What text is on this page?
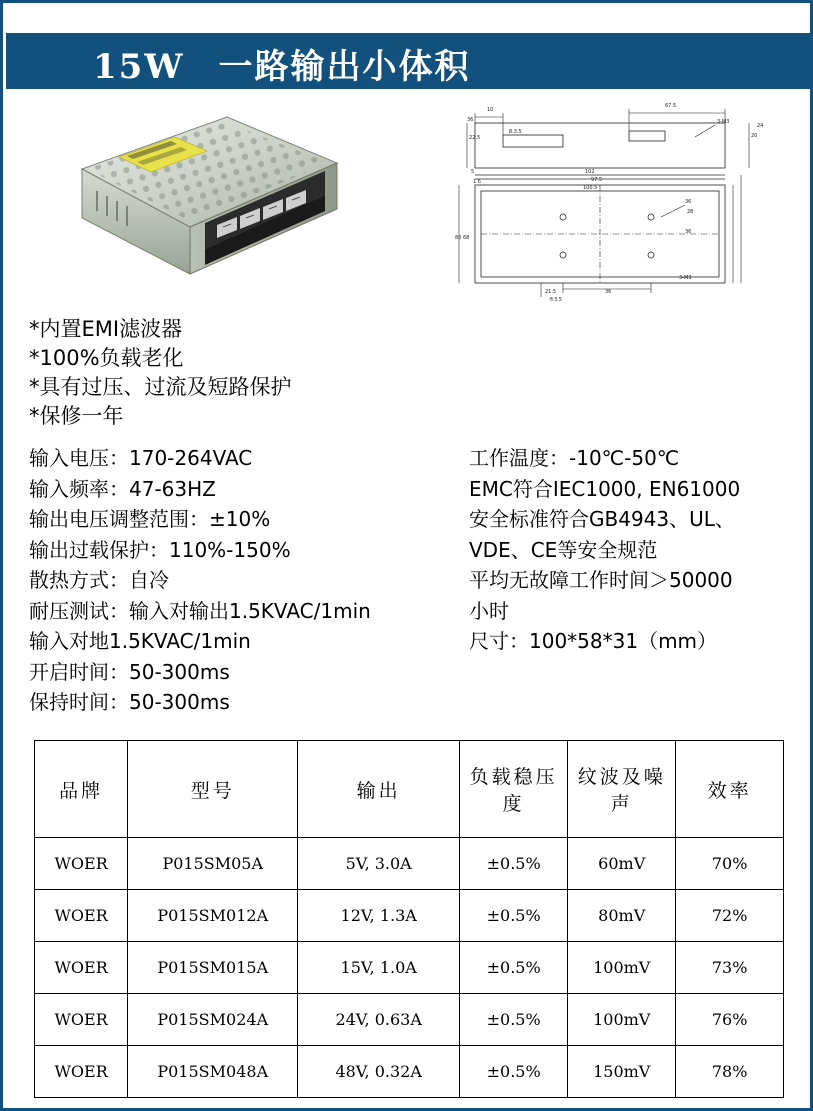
15W 一路输出小体积
10
67.5
8.3.5
3-M3
36
22.5	20
24
5
1.6
102
97.5
100.5
80 68
36
28
36
21.5
®3.5
36
3-M3
*内置EMI滤波器
*100%负载老化
*具有过压、过流及短路保护
*保修一年
输入电压：170-264VAC
输入频率：47-63HZ
输出电压调整范围：±10%
输出过载保护：110%-150%
散热方式：自冷
耐压测试：输入对输出1.5KVAC/1min
输入对地1.5KVAC/1min
开启时间：50-300ms
保持时间：50-300ms
工作温度：-10℃-50℃
EMC符合IEC1000, EN61000
安全标准符合GB4943、UL、
VDE、CE等安全规范
平均无故障工作时间＞50000
小时
尺寸：100*58*31（mm）
品牌	型号	输出	负载稳压度	纹波及噪声	效率
WOER	P015SM05A	5V, 3.0A	±0.5%	60mV	70%
WOER	P015SM012A	12V, 1.3A	±0.5%	80mV	72%
WOER	P015SM015A	15V, 1.0A	±0.5%	100mV	73%
WOER	P015SM024A	24V, 0.63A	±0.5%	100mV	76%
WOER	P015SM048A	48V, 0.32A	±0.5%	150mV	78%
